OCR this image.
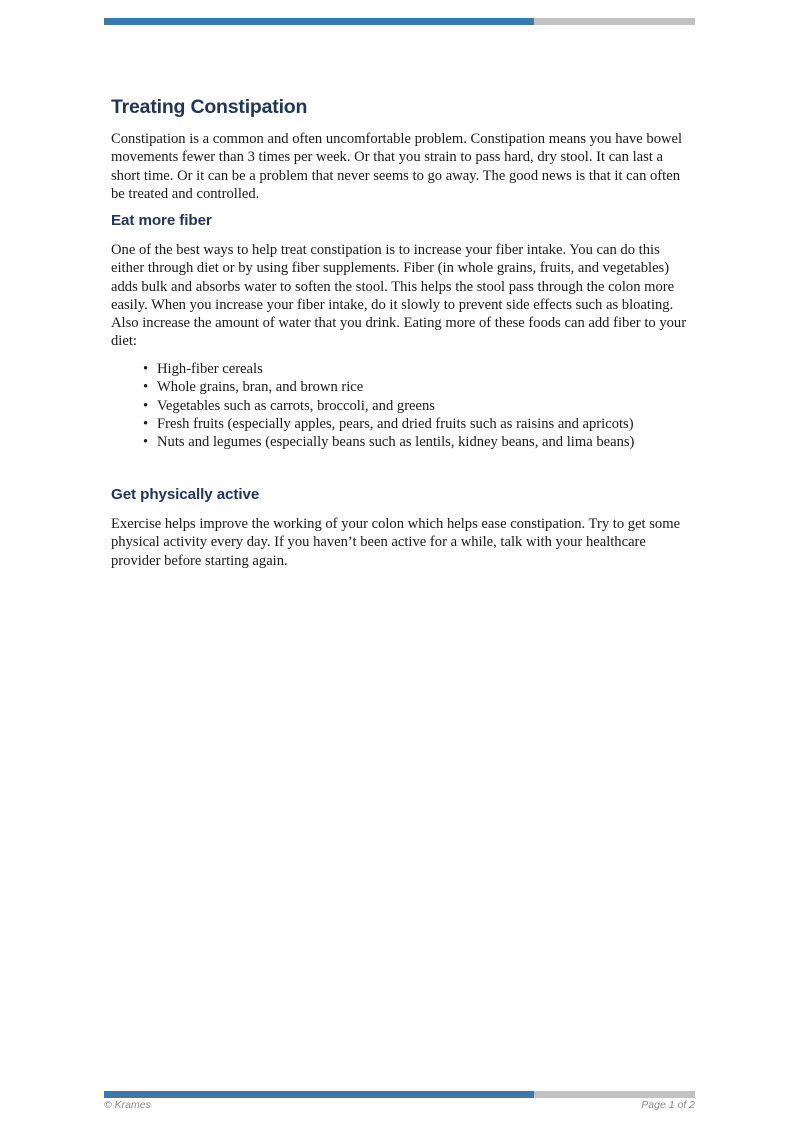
Treating Constipation

Constipation is a common and often uncomfortable problem. Constipation means you have bowel movements fewer than 3 times per week. Or that you strain to pass hard, dry stool. It can last a short time. Or it can be a problem that never seems to go away. The good news is that it can often be treated and controlled.

Eat more fiber

One of the best ways to help treat constipation is to increase your fiber intake. You can do this either through diet or by using fiber supplements. Fiber (in whole grains, fruits, and vegetables) adds bulk and absorbs water to soften the stool. This helps the stool pass through the colon more easily. When you increase your fiber intake, do it slowly to prevent side effects such as bloating. Also increase the amount of water that you drink. Eating more of these foods can add fiber to your diet:

• High-fiber cereals
• Whole grains, bran, and brown rice
• Vegetables such as carrots, broccoli, and greens
• Fresh fruits (especially apples, pears, and dried fruits such as raisins and apricots)
• Nuts and legumes (especially beans such as lentils, kidney beans, and lima beans)
Get physically active

Exercise helps improve the working of your colon which helps ease constipation. Try to get some physical activity every day. If you haven’t been active for a while, talk with your healthcare provider before starting again.

© Krames	Page 1 of 2
